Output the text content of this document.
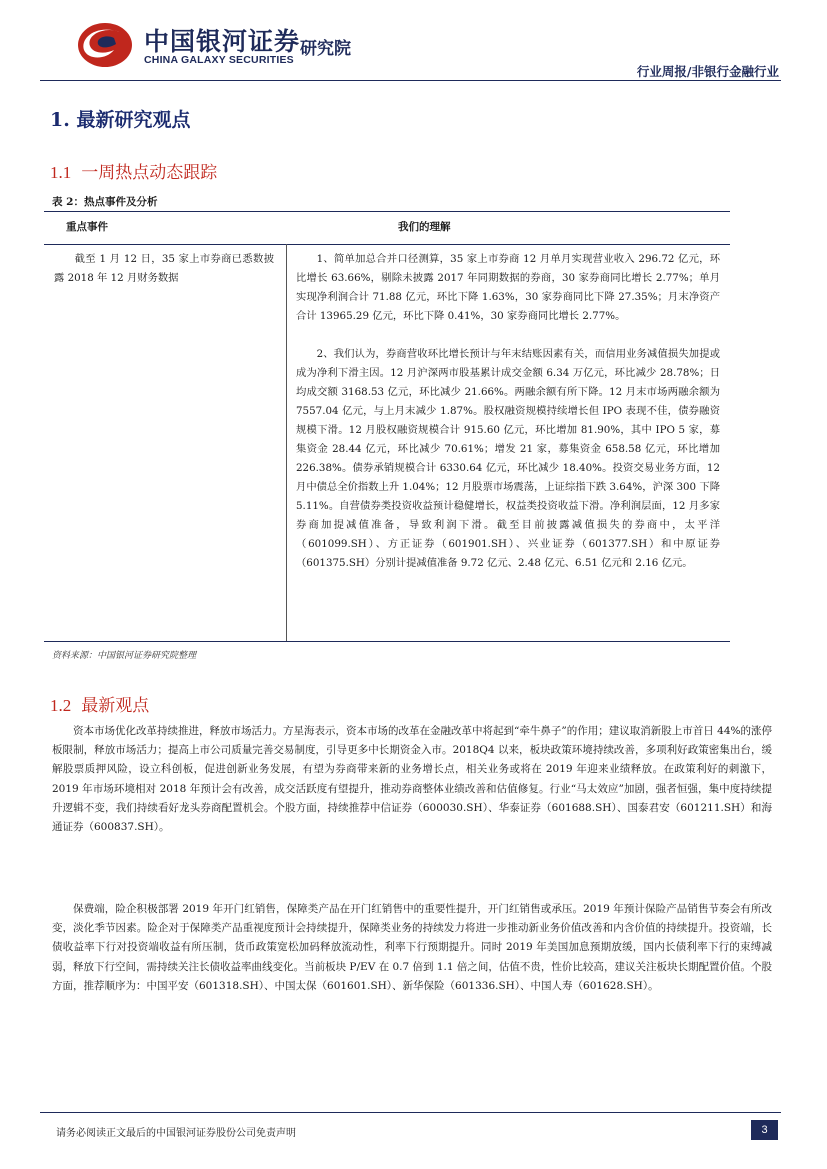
中国银河证券 研究院
CHINA GALAXY SECURITIES
行业周报/非银行金融行业
1. 最新研究观点
1.1 一周热点动态跟踪
表 2：热点事件及分析
重点事件	我们的理解
截至 1 月 12 日，35 家上市券商已悉数披露 2018 年 12 月财务数据
1、简单加总合并口径测算，35 家上市券商 12 月单月实现营业收入 296.72 亿元，环比增长 63.66%，剔除未披露 2017 年同期数据的券商，30 家券商同比增长 2.77%；单月实现净利润合计 71.88 亿元，环比下降 1.63%，30 家券商同比下降 27.35%；月末净资产合计 13965.29 亿元，环比下降 0.41%，30 家券商同比增长 2.77%。
2、我们认为，券商营收环比增长预计与年末结账因素有关，而信用业务减值损失加提或成为净利下滑主因。12 月沪深两市股基累计成交金额 6.34 万亿元，环比减少 28.78%；日均成交额 3168.53 亿元，环比减少 21.66%。两融余额有所下降。12 月末市场两融余额为 7557.04 亿元，与上月末减少 1.87%。股权融资规模持续增长但 IPO 表现不佳，债券融资规模下滑。12 月股权融资规模合计 915.60 亿元，环比增加 81.90%，其中 IPO 5 家，募集资金 28.44 亿元，环比减少 70.61%；增发 21 家，募集资金 658.58 亿元，环比增加 226.38%。债券承销规模合计 6330.64 亿元，环比减少 18.40%。投资交易业务方面，12 月中债总全价指数上升 1.04%；12 月股票市场震荡，上证综指下跌 3.64%，沪深 300 下降 5.11%。自营债券类投资收益预计稳健增长，权益类投资收益下滑。净利润层面，12 月多家券商加提减值准备，导致利润下滑。截至目前披露减值损失的券商中，太平洋（601099.SH）、方正证券（601901.SH）、兴业证券（601377.SH）和中原证券（601375.SH）分别计提减值准备 9.72 亿元、2.48 亿元、6.51 亿元和 2.16 亿元。
资料来源：中国银河证券研究院整理
1.2 最新观点
资本市场优化改革持续推进，释放市场活力。方星海表示，资本市场的改革在金融改革中将起到“牵牛鼻子”的作用；建议取消新股上市首日 44%的涨停板限制，释放市场活力；提高上市公司质量完善交易制度，引导更多中长期资金入市。2018Q4 以来，板块政策环境持续改善，多项利好政策密集出台，缓解股票质押风险，设立科创板，促进创新业务发展，有望为券商带来新的业务增长点，相关业务或将在 2019 年迎来业绩释放。在政策利好的刺激下，2019 年市场环境相对 2018 年预计会有改善，成交活跃度有望提升，推动券商整体业绩改善和估值修复。行业“马太效应”加剧，强者恒强，集中度持续提升逻辑不变，我们持续看好龙头券商配置机会。个股方面，持续推荐中信证券（600030.SH）、华泰证券（601688.SH）、国泰君安（601211.SH）和海通证券（600837.SH）。
保费端，险企积极部署 2019 年开门红销售，保障类产品在开门红销售中的重要性提升，开门红销售或承压。2019 年预计保险产品销售节奏会有所改变，淡化季节因素。险企对于保障类产品重视度预计会持续提升，保障类业务的持续发力将进一步推动新业务价值改善和内含价值的持续提升。投资端，长债收益率下行对投资端收益有所压制，货币政策宽松加码释放流动性，利率下行预期提升。同时 2019 年美国加息预期放缓，国内长债利率下行的束缚减弱，释放下行空间，需持续关注长债收益率曲线变化。当前板块 P/EV 在 0.7 倍到 1.1 倍之间，估值不贵，性价比较高，建议关注板块长期配置价值。个股方面，推荐顺序为：中国平安（601318.SH）、中国太保（601601.SH）、新华保险（601336.SH）、中国人寿（601628.SH）。
请务必阅读正文最后的中国银河证券股份公司免责声明	3
